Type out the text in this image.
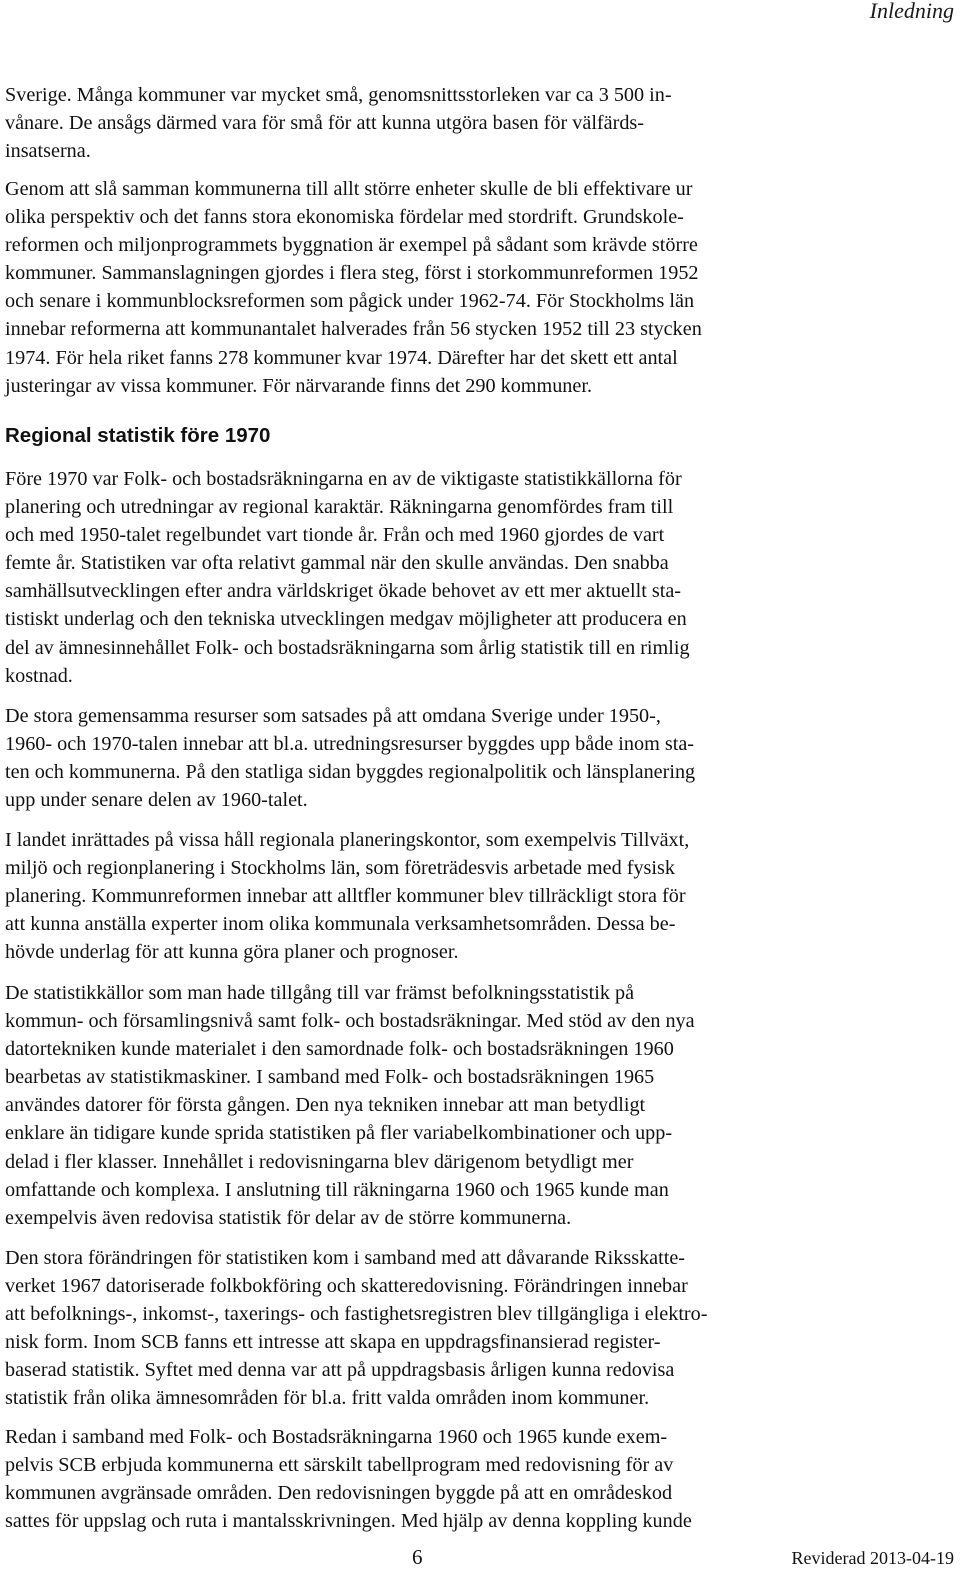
Inledning
Sverige. Många kommuner var mycket små, genomsnittsstorleken var ca 3 500 in-
vånare. De ansågs därmed vara för små för att kunna utgöra basen för välfärds-
insatserna.
Genom att slå samman kommunerna till allt större enheter skulle de bli effektivare ur
olika perspektiv och det fanns stora ekonomiska fördelar med stordrift. Grundskole-
reformen och miljonprogrammets byggnation är exempel på sådant som krävde större
kommuner. Sammanslagningen gjordes i flera steg, först i storkommunreformen 1952
och senare i kommunblocksreformen som pågick under 1962-74. För Stockholms län
innebar reformerna att kommunantalet halverades från 56 stycken 1952 till 23 stycken
1974. För hela riket fanns 278 kommuner kvar 1974. Därefter har det skett ett antal
justeringar av vissa kommuner. För närvarande finns det 290 kommuner.
Regional statistik före 1970
Före 1970 var Folk- och bostadsräkningarna en av de viktigaste statistikkällorna för
planering och utredningar av regional karaktär. Räkningarna genomfördes fram till
och med 1950-talet regelbundet vart tionde år. Från och med 1960 gjordes de vart
femte år. Statistiken var ofta relativt gammal när den skulle användas. Den snabba
samhällsutvecklingen efter andra världskriget ökade behovet av ett mer aktuellt sta-
tistiskt underlag och den tekniska utvecklingen medgav möjligheter att producera en
del av ämnesinnehållet Folk- och bostadsräkningarna som årlig statistik till en rimlig
kostnad.
De stora gemensamma resurser som satsades på att omdana Sverige under 1950-,
1960- och 1970-talen innebar att bl.a. utredningsresurser byggdes upp både inom sta-
ten och kommunerna. På den statliga sidan byggdes regionalpolitik och länsplanering
upp under senare delen av 1960-talet.
I landet inrättades på vissa håll regionala planeringskontor, som exempelvis Tillväxt,
miljö och regionplanering i Stockholms län, som företrädesvis arbetade med fysisk
planering. Kommunreformen innebar att alltfler kommuner blev tillräckligt stora för
att kunna anställa experter inom olika kommunala verksamhetsområden. Dessa be-
hövde underlag för att kunna göra planer och prognoser.
De statistikkällor som man hade tillgång till var främst befolkningsstatistik på
kommun- och församlingsnivå samt folk- och bostadsräkningar. Med stöd av den nya
datortekniken kunde materialet i den samordnade folk- och bostadsräkningen 1960
bearbetas av statistikmaskiner. I samband med Folk- och bostadsräkningen 1965
användes datorer för första gången. Den nya tekniken innebar att man betydligt
enklare än tidigare kunde sprida statistiken på fler variabelkombinationer och upp-
delad i fler klasser. Innehållet i redovisningarna blev därigenom betydligt mer
omfattande och komplexa. I anslutning till räkningarna 1960 och 1965 kunde man
exempelvis även redovisa statistik för delar av de större kommunerna.
Den stora förändringen för statistiken kom i samband med att dåvarande Riksskatte-
verket 1967 datoriserade folkbokföring och skatteredovisning. Förändringen innebar
att befolknings-, inkomst-, taxerings- och fastighetsregistren blev tillgängliga i elektro-
nisk form. Inom SCB fanns ett intresse att skapa en uppdragsfinansierad register-
baserad statistik. Syftet med denna var att på uppdragsbasis årligen kunna redovisa
statistik från olika ämnesområden för bl.a. fritt valda områden inom kommuner.
Redan i samband med Folk- och Bostadsräkningarna 1960 och 1965 kunde exem-
pelvis SCB erbjuda kommunerna ett särskilt tabellprogram med redovisning för av
kommunen avgränsade områden. Den redovisningen byggde på att en områdeskod
sattes för uppslag och ruta i mantalsskrivningen. Med hjälp av denna koppling kunde
6	Reviderad 2013-04-19
